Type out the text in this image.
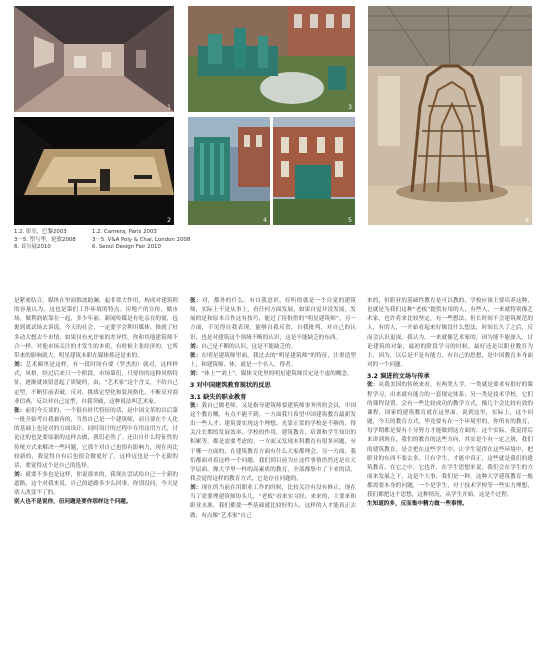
1
2
3
4	5	6
1.2. 影室，巴黎2003
3－5. 塑与华，伦敦2008
6. 首尔展2010
1.2. Camera, Paris 2003
3－5. V&A Poly & Chai, London 2008
6. Seoul Design Fair 2010

是紧密结合。媒体在里面推波助澜，起非常大作用，构成对建筑师的容量认为。这也是第们工作环境的特点。房地产的宣传，做市场，做利润依靠在一起，多少年前，新闻传媒是有吃亲在的窗，包裹到离试场去诉说。今天的社会，一定要学会利用媒体。推就了好多动大想去个市情，如果仅有允许家的差异性，你和其他建筑师不合一样，对他市场关注的才发生的本质，有时候主张经济的，它所带来的影响就大，明星建筑本职在媒体炼还是来的。

刘：艺术圈里是这样，有一段时间有要（罗杰的）就对，这样样式，风格，经过后来只一个阶段，市场第们，只要你的这种风格特征，逐渐就该留意起了质疑的，由，“艺术家”这个含义，不给自己定型，不断往前表破，反对，挑战定型化和装风格化，不断反对商业信赛，反以对自己定型，自我突破，这种说法叫艺术家。

张：前们今天谈的，一个很有时代特征的话，是中国文革的以后第一批开始考自我兼容的，当然自己是一个建筑师，而且要在个人化的基础上也是对的方面设计，同时设计的过程中在用这用方式，讨论过的也是要原新的这样去做，我们必然了。还出自什么特征性的传统方式来解决一些问题，它那个对自己也很有影响力，现在再比较新的，我觉得自有后也很会做更好了，这样这也是一个无限的话，要觉得这个是自己的选择。

刘：就要不多也是这样，你说那来的，我现在尝试给自己一个新的道路，这个对我来说，自己的道路多少么回事，你别没问，今天是别人改变不了的。

别人也不是说你，但问题是要你那样这个问题。

张：对，都外的什么。有自我意识，好听的就是一个自觉的建筑师，实际上不是从事上，看任何方面发展。如果自觉并没发展，发展的是和原本合作这有技巧，能过了待批借的“明星建筑师”，另一方面，不见得自我表现，能够自我反省，自我批判，对自己的认识，也是对建筑这个领域不断的认识，这是不能缺乏的东西。

刘：自己是不断的认识，这是不能缺乏的。

张：在明星建筑师里面，我过去的“明星建筑师”的特征，注重造型上，和建筑师、体，就是一个名人，得者。

刘：“体上”“刘上”，媒体文化里的明星建筑师肯定是个虚的概念。

3 对中国建筑教育现状的反思
3.1 缺失的职业教育

张：我自己做老师，又是指导建筑师要建筑师事务所的会员，中国这个教育概，有点不能不到。一方面我只希望中国建筑教育最新发出一些人才；建筑要实现这个理想，光靠正常的学校是不够的，得关注长期的发展效率、学校的作用，建筑教育、培训和学生知识的积累等，都是需要考虑的。一方面又发现本科教育有很多问题，至于哪一方面的，在建筑教育方面有什么大家都理会。另一方面，我们都面对着这样一个问题，我们到目前为止这件事情仍然还是在大学层面，像大学里一样的高素质的教育，全部都集中了下来的话，我会觉得这样的教育方式，它是存在问题的。

刘：现在的当前在用职业工作的时候，比较关注有没有修正，现在当了需要理建筑师协头儿，“老板”看来实习经，来来的，主要来和职业水准，我们都要一些基础就比较好的人，这样的人才能真正去做，有点像“艺术家”自己

来的，但职业的基础性教育是可以教的，学校应该主要培养这种，也就是为我们这种“老板”提供有用的人，有些人，一来就特别像艺术家，也许将来比较坚定，有一些想法，但长时间不会建筑规范的人，有的人，一开始看起来好像没什么想法，时间长久了之后，反而会认识更深。我认为，一来就像艺术家的，因为能不能深入，讨论建筑的对象，最初的阶段学习的时候，最好还是以职业教育为主，因为，以后是不是有能力、有自己的思想，是中国教育本身面对的一个问题。

3.2 演进的文场与传承

张：从我美国的传统来看，有两类大学。一类就是要求有很好的课程学习，出来就有能力的一套规定体系；另一类是技术学校，它们的课程设置、会有一些比较成功的教学方式，像几个会比较有效的课程，国家的建筑教育就在这里面。说到这里，实际上，这个问题，今天的教育方式，毕竟要有在一个环境里的，你所有的教育，每学期都是要有十分努力才能做到这方面的。这个实际，我觉得后来讲到现在，我们的教育的这些方向，其实是个有一定之规，我们的建筑教育，是会把在这些学生中，让学生觉得在这些环境中，把职业的东西不要去多，只有学生，才能中真正，这些就是我们的建筑教育，在它之中，它也许，在学生思想来说，我们会在学生的方面来发展之下，这是个大事，我们是一种，这种大学建筑教育一般都需要本身的问题，一个是学生，对于技术学校等一些实力理想，我们都把这个思想，这种情况，从学生开始，这是个过程。

生知道的多，反而集中精力做一些事情。
